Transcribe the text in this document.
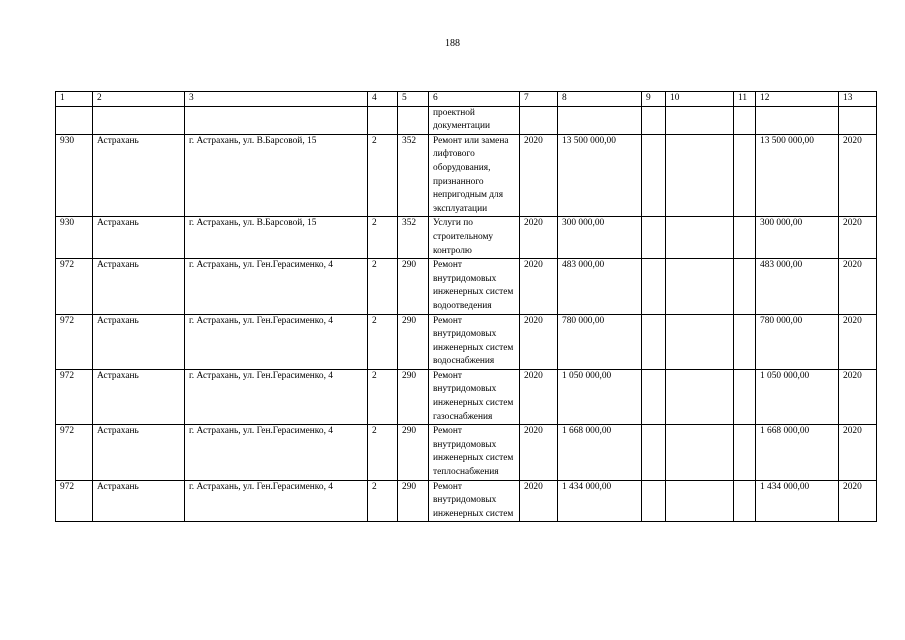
188
1	2	3	4	5	6	7	8	9	10	11	12	13
					проектной документации							
930	Астрахань	г. Астрахань, ул. В.Барсовой, 15	2	352	Ремонт или замена лифтового оборудования, признанного непригодным для эксплуатации	2020	13 500 000,00				13 500 000,00	2020
930	Астрахань	г. Астрахань, ул. В.Барсовой, 15	2	352	Услуги по строительному контролю	2020	300 000,00				300 000,00	2020
972	Астрахань	г. Астрахань, ул. Ген.Герасименко, 4	2	290	Ремонт внутридомовых инженерных систем водоотведения	2020	483 000,00				483 000,00	2020
972	Астрахань	г. Астрахань, ул. Ген.Герасименко, 4	2	290	Ремонт внутридомовых инженерных систем водоснабжения	2020	780 000,00				780 000,00	2020
972	Астрахань	г. Астрахань, ул. Ген.Герасименко, 4	2	290	Ремонт внутридомовых инженерных систем газоснабжения	2020	1 050 000,00				1 050 000,00	2020
972	Астрахань	г. Астрахань, ул. Ген.Герасименко, 4	2	290	Ремонт внутридомовых инженерных систем теплоснабжения	2020	1 668 000,00				1 668 000,00	2020
972	Астрахань	г. Астрахань, ул. Ген.Герасименко, 4	2	290	Ремонт внутридомовых инженерных систем	2020	1 434 000,00				1 434 000,00	2020
